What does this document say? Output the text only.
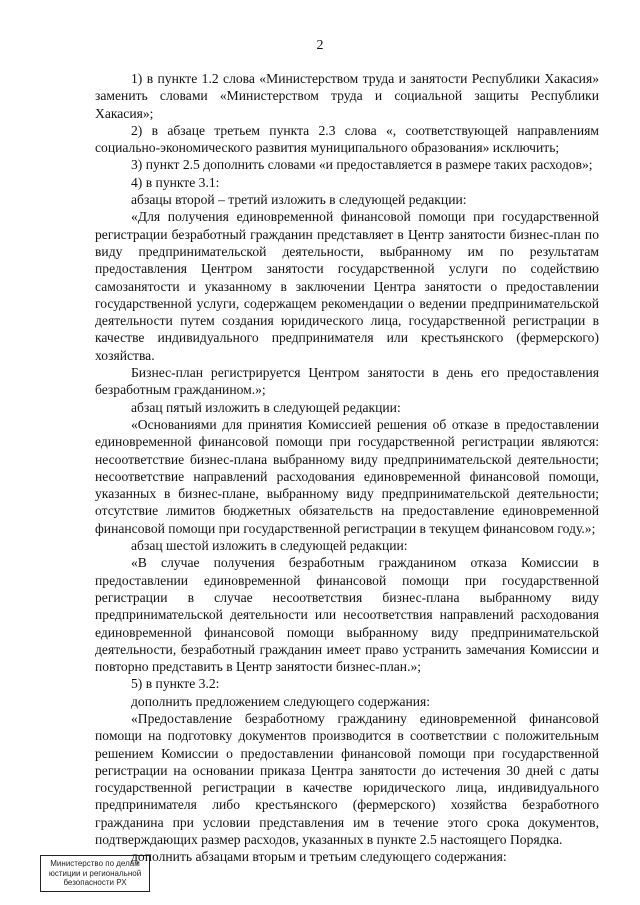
2

1) в пункте 1.2 слова «Министерством труда и занятости Республики Хакасия» заменить словами «Министерством труда и социальной защиты Республики Хакасия»;

2) в абзаце третьем пункта 2.3 слова «, соответствующей направлениям социально-экономического развития муниципального образования» исключить;

3) пункт 2.5 дополнить словами «и предоставляется в размере таких расходов»;

4) в пункте 3.1:

абзацы второй – третий изложить в следующей редакции:

«Для получения единовременной финансовой помощи при государственной регистрации безработный гражданин представляет в Центр занятости бизнес-план по виду предпринимательской деятельности, выбранному им по результатам предоставления Центром занятости государственной услуги по содействию самозанятости и указанному в заключении Центра занятости о предоставлении государственной услуги, содержащем рекомендации о ведении предпринимательской деятельности путем создания юридического лица, государственной регистрации в качестве индивидуального предпринимателя или крестьянского (фермерского) хозяйства.

Бизнес-план регистрируется Центром занятости в день его предоставления безработным гражданином.»;

абзац пятый изложить в следующей редакции:

«Основаниями для принятия Комиссией решения об отказе в предоставлении единовременной финансовой помощи при государственной регистрации являются: несоответствие бизнес-плана выбранному виду предпринимательской деятельности; несоответствие направлений расходования единовременной финансовой помощи, указанных в бизнес-плане, выбранному виду предпринимательской деятельности; отсутствие лимитов бюджетных обязательств на предоставление единовременной финансовой помощи при государственной регистрации в текущем финансовом году.»;

абзац шестой изложить в следующей редакции:

«В случае получения безработным гражданином отказа Комиссии в предоставлении единовременной финансовой помощи при государственной регистрации в случае несоответствия бизнес-плана выбранному виду предпринимательской деятельности или несоответствия направлений расходования единовременной финансовой помощи выбранному виду предпринимательской деятельности, безработный гражданин имеет право устранить замечания Комиссии и повторно представить в Центр занятости бизнес-план.»;

5) в пункте 3.2:

дополнить предложением следующего содержания:

«Предоставление безработному гражданину единовременной финансовой помощи на подготовку документов производится в соответствии с положительным решением Комиссии о предоставлении финансовой помощи при государственной регистрации на основании приказа Центра занятости до истечения 30 дней с даты государственной регистрации в качестве юридического лица, индивидуального предпринимателя либо крестьянского (фермерского) хозяйства безработного гражданина при условии представления им в течение этого срока документов, подтверждающих размер расходов, указанных в пункте 2.5 настоящего Порядка.

дополнить абзацами вторым и третьим следующего содержания:

Министерство по делам
юстиции и региональной
безопасности РХ
